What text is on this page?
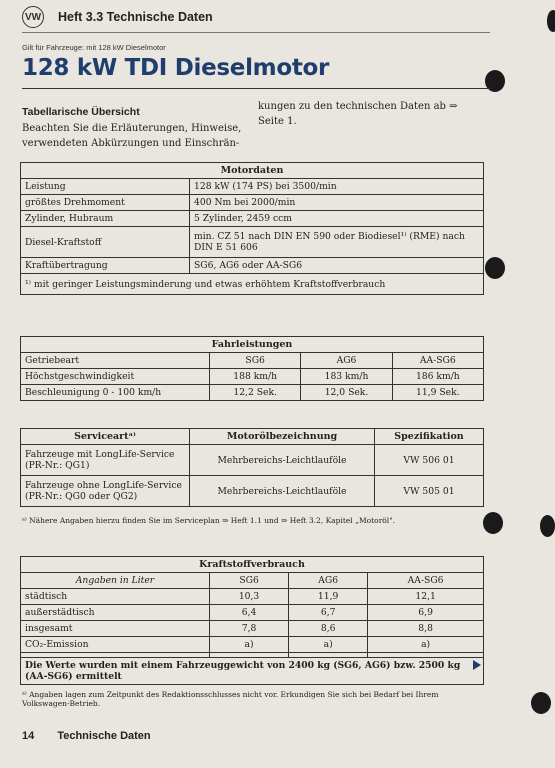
VW Heft 3.3 Technische Daten
Gilt für Fahrzeuge: mit 128 kW Dieselmotor
128 kW TDI Dieselmotor
Tabellarische Übersicht
Beachten Sie die Erläuterungen, Hinweise, verwendeten Abkürzungen und Einschrän-
kungen zu den technischen Daten ab ⇒ Seite 1.
Motordaten	
Leistung	128 kW (174 PS) bei 3500/min
größtes Drehmoment	400 Nm bei 2000/min
Zylinder, Hubraum	5 Zylinder, 2459 ccm
Diesel-Kraftstoff	min. CZ 51 nach DIN EN 590 oder Biodiesel¹⁾ (RME) nach DIN E 51 606
Kraftübertragung	SG6, AG6 oder AA-SG6
¹⁾ mit geringer Leistungsminderung und etwas erhöhtem Kraftstoffverbrauch	
Fahrleistungen			
Getriebeart	SG6	AG6	AA-SG6
Höchstgeschwindigkeit	188 km/h	183 km/h	186 km/h
Beschleunigung 0 - 100 km/h	12,2 Sek.	12,0 Sek.	11,9 Sek.
Serviceartᵃ⁾	Motorölbezeichnung	Spezifikation
Fahrzeuge mit LongLife-Service (PR-Nr.: QG1)	Mehrbereichs-Leichtlauföle	VW 506 01
Fahrzeuge ohne LongLife-Service (PR-Nr.: QG0 oder QG2)	Mehrbereichs-Leichtlauföle	VW 505 01
ᵃ⁾ Nähere Angaben hierzu finden Sie im Serviceplan ⇒ Heft 1.1 und ⇒ Heft 3.2, Kapitel „Motoröl".
Kraftstoffverbrauch			
Angaben in Liter	SG6	AG6	AA-SG6
städtisch	10,3	11,9	12,1
außerstädtisch	6,4	6,7	6,9
insgesamt	7,8	8,6	8,8
CO₂-Emission	a)	a)	a)

Die Werte wurden mit einem Fahrzeuggewicht von 2400 kg (SG6, AG6) bzw. 2500 kg (AA-SG6) ermittelt			
ᵃ⁾ Angaben lagen zum Zeitpunkt des Redaktionsschlusses nicht vor. Erkundigen Sie sich bei Bedarf bei Ihrem Volkswagen-Betrieb.
14 Technische Daten
